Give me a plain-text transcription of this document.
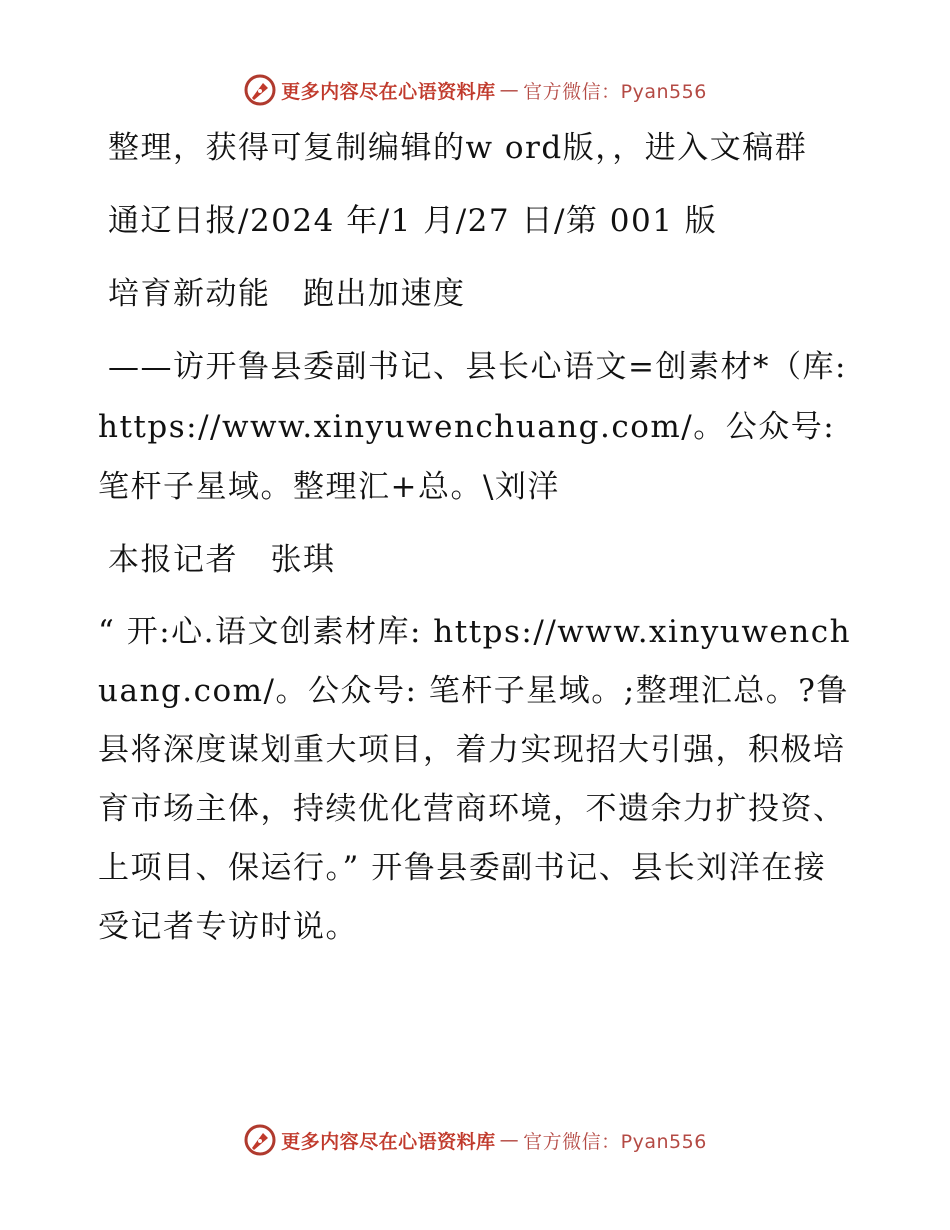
更多内容尽在心语资料库 — 官方微信：Pyan556

整理，获得可复制编辑的w ord版，，进入文稿群

通辽日报/2024 年/1 月/27 日/第 001 版

培育新动能　跑出加速度

——访开鲁县委副书记、县长心语文=创素材*（库: https://www.xinyuwenchuang.com/。公众号: 笔杆子星域。整理汇+总。\刘洋

本报记者　张琪

“ 开:心.语文创素材库: https://www.xinyuwenchuang.com/。公众号: 笔杆子星域。;整理汇总。?鲁县将深度谋划重大项目，着力实现招大引强，积极培育市场主体，持续优化营商环境，不遗余力扩投资、上项目、保运行。” 开鲁县委副书记、县长刘洋在接受记者专访时说。

更多内容尽在心语资料库 — 官方微信：Pyan556
